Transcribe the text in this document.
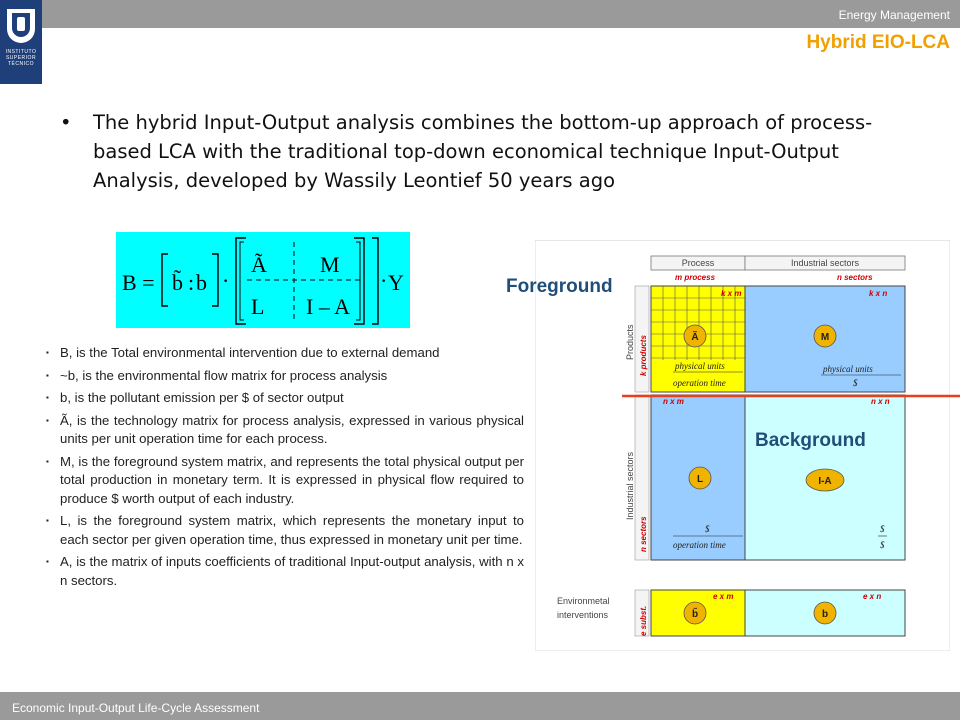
Energy Management
INSTITUTO SUPERIOR TÉCNICO
Hybrid EIO-LCA
• The hybrid Input-Output analysis combines the bottom-up approach of process-based LCA with the traditional top-down economical technique Input-Output Analysis, developed by Wassily Leontief 50 years ago
B = b̃ : b ·
Ã M
L I – A
· Y
▪ B, is the Total environmental intervention due to external demand
▪ ~b, is the environmental flow matrix for process analysis
▪ b, is the pollutant emission per $ of sector output
▪ Ã, is the technology matrix for process analysis, expressed in various physical units per unit operation time for each process.
▪ M, is the foreground system matrix, and represents the total physical output per total production in monetary term. It is expressed in physical flow required to produce $ worth output of each industry.
▪ L, is the foreground system matrix, which represents the monetary input to each sector per given operation time, thus expressed in monetary unit per time.
▪ A, is the matrix of inputs coefficients of traditional Input-output analysis, with n x n sectors.
Process	Industrial sectors
m process	n sectors
k x m	k x n
Ã	M
physical units
operation time
physical units
$
n x m	n x n
L	I-A
$
operation time
$
$
Products
Industrial sectors
k products
n sectors
Environmetal
interventions	e subst.
e x m	e x n
b̃	b
Foreground
Background
Economic Input-Output Life-Cycle Assessment
